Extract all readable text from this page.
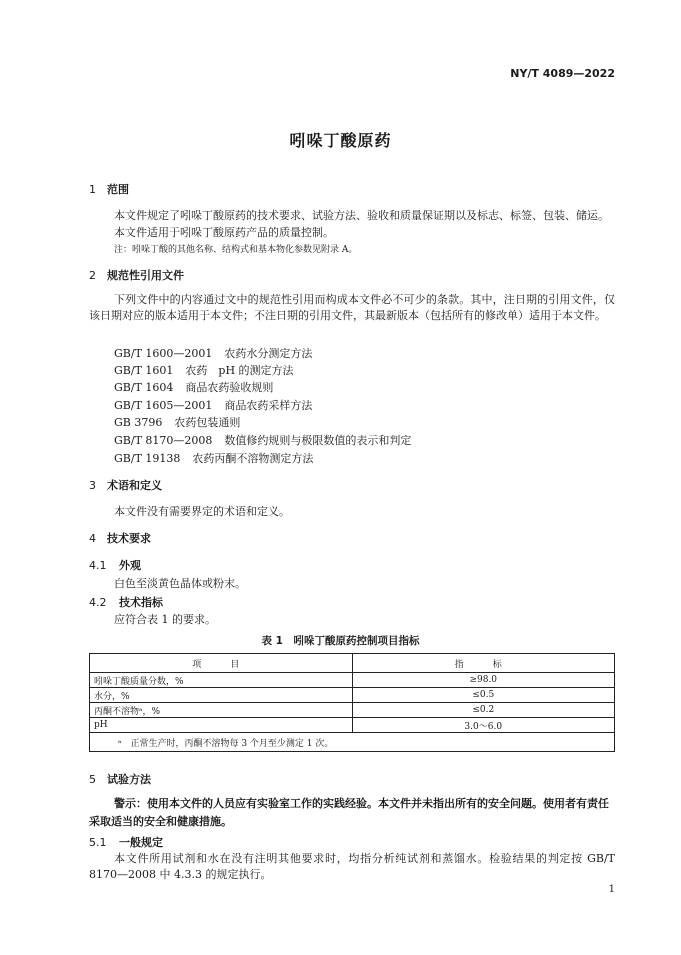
NY/T 4089—2022
吲哚丁酸原药
1 范围
本文件规定了吲哚丁酸原药的技术要求、试验方法、验收和质量保证期以及标志、标签、包装、储运。
本文件适用于吲哚丁酸原药产品的质量控制。
注：吲哚丁酸的其他名称、结构式和基本物化参数见附录 A。
2 规范性引用文件
下列文件中的内容通过文中的规范性引用而构成本文件必不可少的条款。其中，注日期的引用文件，仅该日期对应的版本适用于本文件；不注日期的引用文件，其最新版本（包括所有的修改单）适用于本文件。
GB/T 1600—2001 农药水分测定方法
GB/T 1601 农药　pH 的测定方法
GB/T 1604 商品农药验收规则
GB/T 1605—2001 商品农药采样方法
GB 3796 农药包装通则
GB/T 8170—2008 数值修约规则与极限数值的表示和判定
GB/T 19138 农药丙酮不溶物测定方法
3 术语和定义
本文件没有需要界定的术语和定义。
4 技术要求
4.1 外观
白色至淡黄色晶体或粉末。
4.2 技术指标
应符合表 1 的要求。
表 1　吲哚丁酸原药控制项目指标
项　目	指　标
吲哚丁酸质量分数，%	≥98.0
水分，%	≤0.5
丙酮不溶物ᵃ，%	≤0.2
pH	3.0～6.0
ᵃ　正常生产时，丙酮不溶物每 3 个月至少测定 1 次。	
5 试验方法
警示：使用本文件的人员应有实验室工作的实践经验。本文件并未指出所有的安全问题。使用者有责任采取适当的安全和健康措施。
5.1 一般规定
本文件所用试剂和水在没有注明其他要求时，均指分析纯试剂和蒸馏水。检验结果的判定按 GB/T 8170—2008 中 4.3.3 的规定执行。
1
